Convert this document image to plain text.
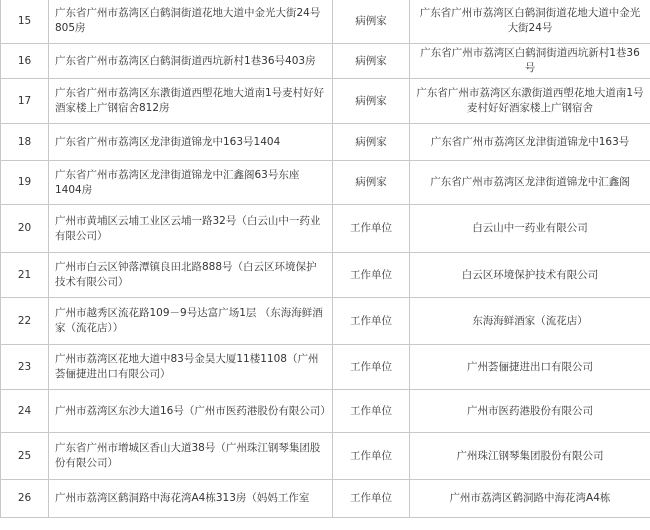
15	广东省广州市荔湾区白鹤洞街道花地大道中金光大街24号805房	病例家	广东省广州市荔湾区白鹤洞街道花地大道中金光大街24号
16	广东省广州市荔湾区白鹤洞街道西坑新村1巷36号403房	病例家	广东省广州市荔湾区白鹤洞街道西坑新村1巷36号
17	广东省广州市荔湾区东漖街道西塱花地大道南1号麦村好好酒家楼上广钢宿舍812房	病例家	广东省广州市荔湾区东漖街道西塱花地大道南1号麦村好好酒家楼上广钢宿舍
18	广东省广州市荔湾区龙津街道锦龙中163号1404	病例家	广东省广州市荔湾区龙津街道锦龙中163号
19	广东省广州市荔湾区龙津街道锦龙中汇鑫阁63号东座1404房	病例家	广东省广州市荔湾区龙津街道锦龙中汇鑫阁
20	广州市黄埔区云埔工业区云埔一路32号（白云山中一药业有限公司）	工作单位	白云山中一药业有限公司
21	广州市白云区钟落潭镇良田北路888号（白云区环境保护技术有限公司）	工作单位	白云区环境保护技术有限公司
22	广州市越秀区流花路109－9号达富广场1层 （东海海鲜酒家（流花店））	工作单位	东海海鲜酒家（流花店）
23	广州市荔湾区花地大道中83号金昊大厦11楼1108（广州荟俪捷进出口有限公司）	工作单位	广州荟俪捷进出口有限公司
24	广州市荔湾区东沙大道16号（广州市医药港股份有限公司）	工作单位	广州市医药港股份有限公司
25	广东省广州市增城区香山大道38号（广州珠江钢琴集团股份有限公司）	工作单位	广州珠江钢琴集团股份有限公司
26	广州市荔湾区鹤洞路中海花湾A4栋313房（妈妈工作室	工作单位	广州市荔湾区鹤洞路中海花湾A4栋
